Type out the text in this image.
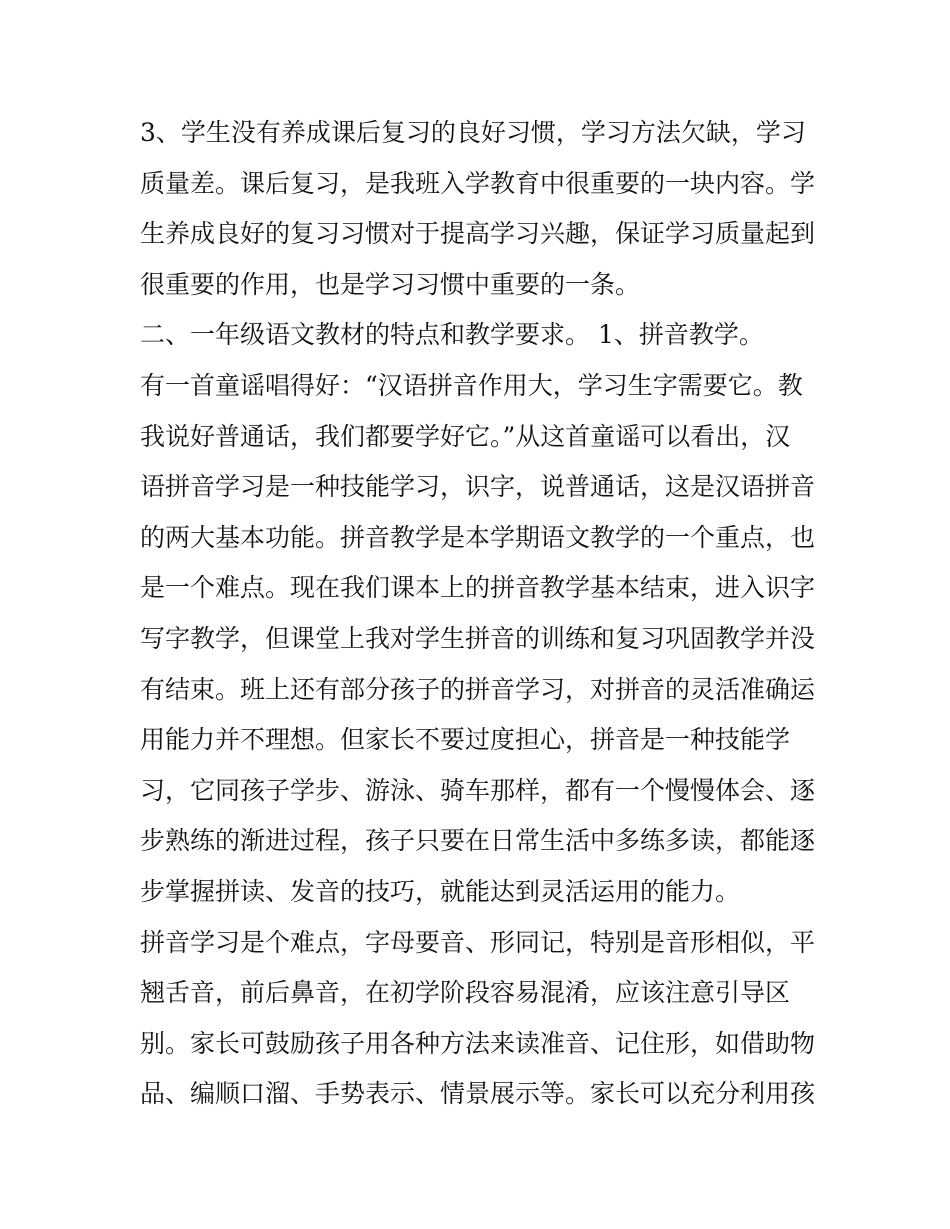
3、学生没有养成课后复习的良好习惯，学习方法欠缺，学习
质量差。课后复习，是我班入学教育中很重要的一块内容。学
生养成良好的复习习惯对于提高学习兴趣，保证学习质量起到
很重要的作用，也是学习习惯中重要的一条。

二、一年级语文教材的特点和教学要求。 1、拼音教学。

有一首童谣唱得好：“汉语拼音作用大，学习生字需要它。教
我说好普通话，我们都要学好它。”从这首童谣可以看出，汉
语拼音学习是一种技能学习，识字，说普通话，这是汉语拼音
的两大基本功能。拼音教学是本学期语文教学的一个重点，也
是一个难点。现在我们课本上的拼音教学基本结束，进入识字
写字教学，但课堂上我对学生拼音的训练和复习巩固教学并没
有结束。班上还有部分孩子的拼音学习，对拼音的灵活准确运
用能力并不理想。但家长不要过度担心，拼音是一种技能学
习，它同孩子学步、游泳、骑车那样，都有一个慢慢体会、逐
步熟练的渐进过程，孩子只要在日常生活中多练多读，都能逐
步掌握拼读、发音的技巧，就能达到灵活运用的能力。

拼音学习是个难点，字母要音、形同记，特别是音形相似，平
翘舌音，前后鼻音，在初学阶段容易混淆，应该注意引导区
别。家长可鼓励孩子用各种方法来读准音、记住形，如借助物
品、编顺口溜、手势表示、情景展示等。家长可以充分利用孩
